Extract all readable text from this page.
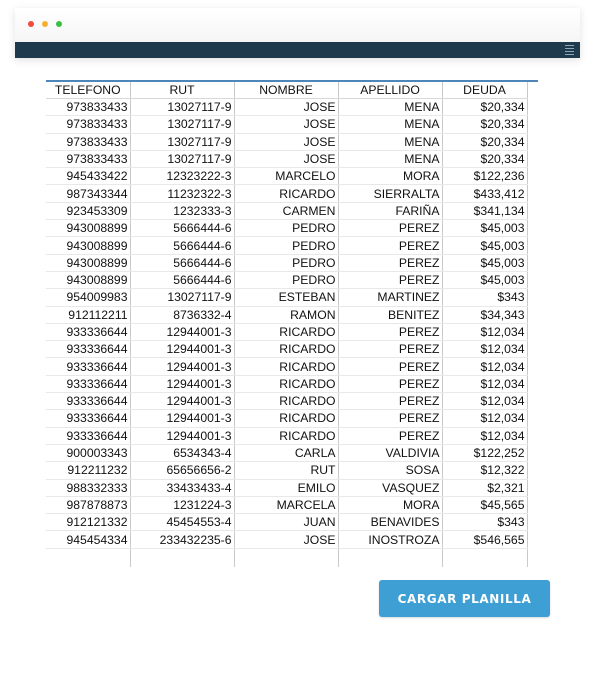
TELEFONO	RUT	NOMBRE	APELLIDO	DEUDA
973833433	13027117-9	JOSE	MENA	$20,334
973833433	13027117-9	JOSE	MENA	$20,334
973833433	13027117-9	JOSE	MENA	$20,334
973833433	13027117-9	JOSE	MENA	$20,334
945433422	12323222-3	MARCELO	MORA	$122,236
987343344	11232322-3	RICARDO	SIERRALTA	$433,412
923453309	1232333-3	CARMEN	FARIÑA	$341,134
943008899	5666444-6	PEDRO	PEREZ	$45,003
943008899	5666444-6	PEDRO	PEREZ	$45,003
943008899	5666444-6	PEDRO	PEREZ	$45,003
943008899	5666444-6	PEDRO	PEREZ	$45,003
954009983	13027117-9	ESTEBAN	MARTINEZ	$343
912112211	8736332-4	RAMON	BENITEZ	$34,343
933336644	12944001-3	RICARDO	PEREZ	$12,034
933336644	12944001-3	RICARDO	PEREZ	$12,034
933336644	12944001-3	RICARDO	PEREZ	$12,034
933336644	12944001-3	RICARDO	PEREZ	$12,034
933336644	12944001-3	RICARDO	PEREZ	$12,034
933336644	12944001-3	RICARDO	PEREZ	$12,034
933336644	12944001-3	RICARDO	PEREZ	$12,034
900003343	6534343-4	CARLA	VALDIVIA	$122,252
912211232	65656656-2	RUT	SOSA	$12,322
988332333	33433433-4	EMILO	VASQUEZ	$2,321
987878873	1231224-3	MARCELA	MORA	$45,565
912121332	45454553-4	JUAN	BENAVIDES	$343
945454334	233432235-6	JOSE	INOSTROZA	$546,565

CARGAR PLANILLA
